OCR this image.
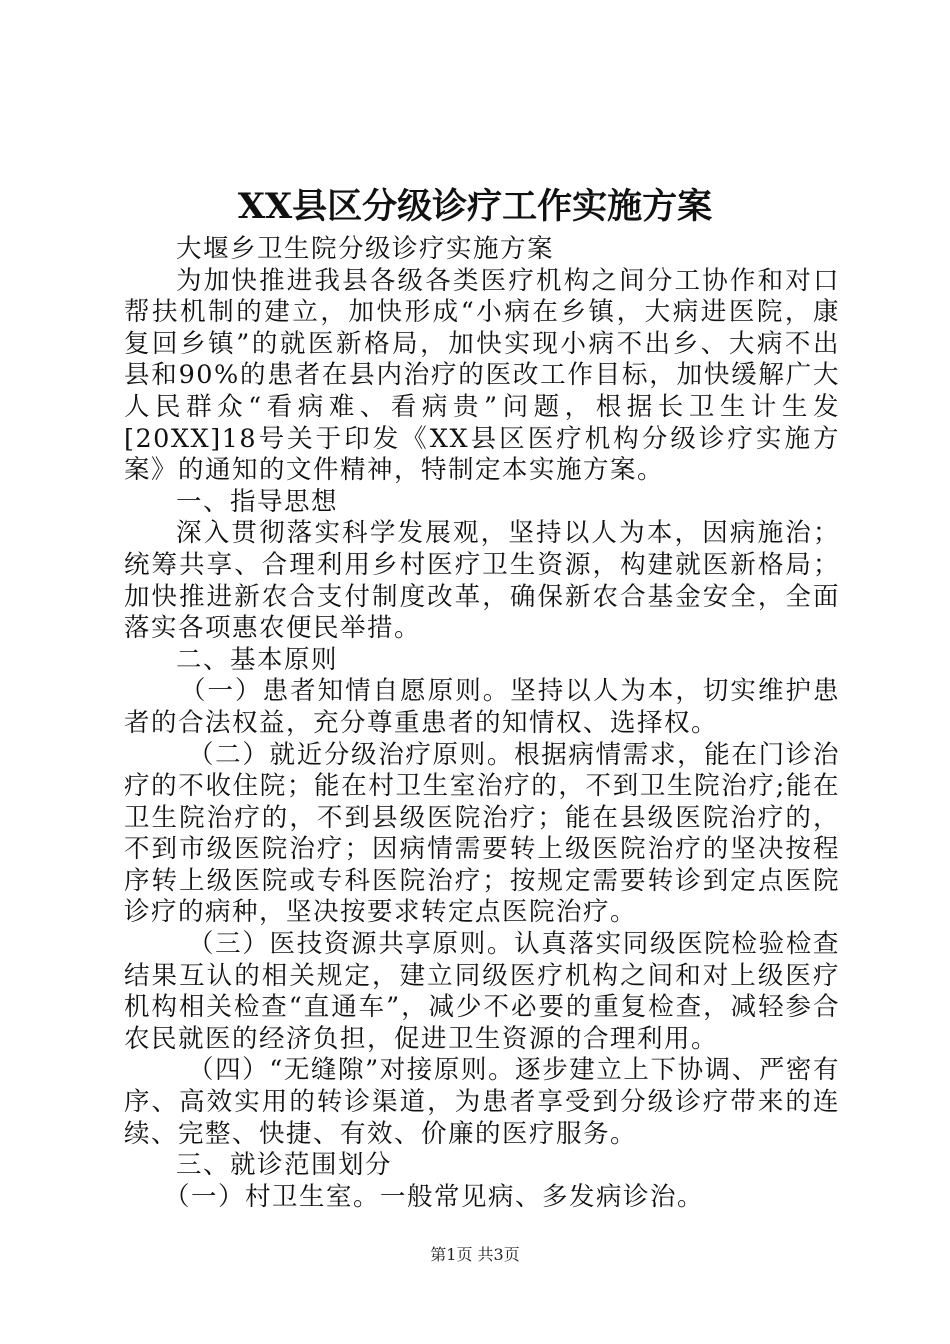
XX县区分级诊疗工作实施方案

大堰乡卫生院分级诊疗实施方案

为加快推进我县各级各类医疗机构之间分工协作和对口帮扶机制的建立，加快形成“小病在乡镇，大病进医院，康复回乡镇”的就医新格局，加快实现小病不出乡、大病不出县和90%的患者在县内治疗的医改工作目标，加快缓解广大人民群众“看病难、看病贵”问题，根据长卫生计生发[20XX]18号关于印发《XX县区医疗机构分级诊疗实施方案》的通知的文件精神，特制定本实施方案。

一、指导思想

深入贯彻落实科学发展观，坚持以人为本，因病施治；统筹共享、合理利用乡村医疗卫生资源，构建就医新格局；加快推进新农合支付制度改革，确保新农合基金安全，全面落实各项惠农便民举措。

二、基本原则

（一）患者知情自愿原则。坚持以人为本，切实维护患者的合法权益，充分尊重患者的知情权、选择权。

（二）就近分级治疗原则。根据病情需求，能在门诊治疗的不收住院；能在村卫生室治疗的，不到卫生院治疗;能在卫生院治疗的，不到县级医院治疗；能在县级医院治疗的，不到市级医院治疗；因病情需要转上级医院治疗的坚决按程序转上级医院或专科医院治疗；按规定需要转诊到定点医院诊疗的病种，坚决按要求转定点医院治疗。

（三）医技资源共享原则。认真落实同级医院检验检查结果互认的相关规定，建立同级医疗机构之间和对上级医疗机构相关检查“直通车”，减少不必要的重复检查，减轻参合农民就医的经济负担，促进卫生资源的合理利用。

（四）“无缝隙”对接原则。逐步建立上下协调、严密有序、高效实用的转诊渠道，为患者享受到分级诊疗带来的连续、完整、快捷、有效、价廉的医疗服务。

三、就诊范围划分

（一）村卫生室。一般常见病、多发病诊治。

第1页 共3页
